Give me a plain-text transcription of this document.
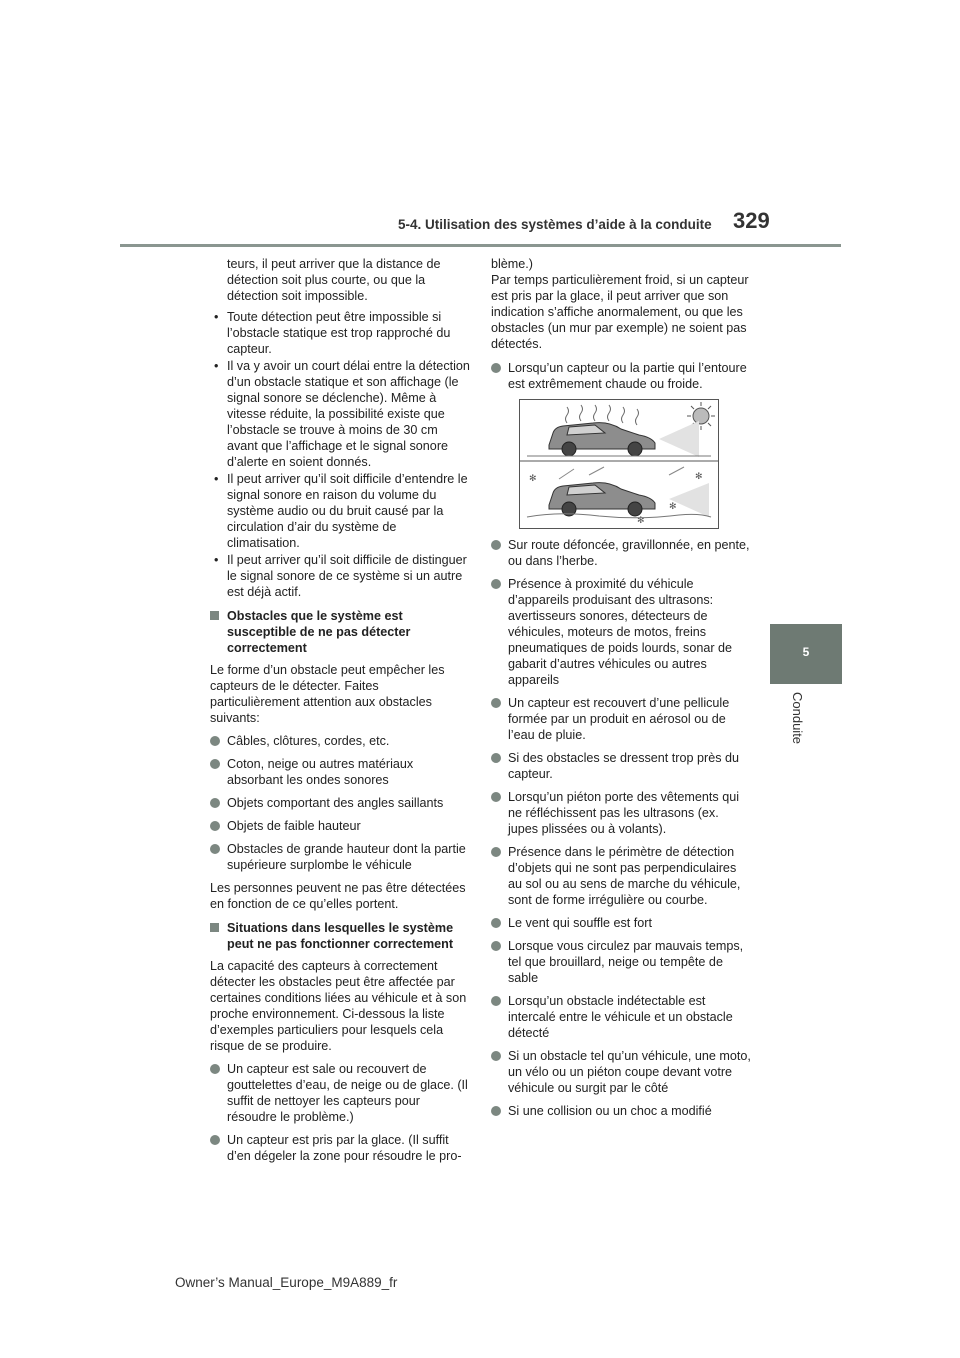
5-4. Utilisation des systèmes d’aide à la conduite 329
5
Conduite

teurs, il peut arriver que la distance de détection soit plus courte, ou que la détection soit impossible.

• Toute détection peut être impossible si l’obstacle statique est trop rapproché du capteur.

• Il va y avoir un court délai entre la détection d’un obstacle statique et son affichage (le signal sonore se déclenche). Même à vitesse réduite, la possibilité existe que l’obstacle se trouve à moins de 30 cm avant que l’affichage et le signal sonore d’alerte en soient donnés.

• Il peut arriver qu’il soit difficile d’entendre le signal sonore en raison du volume du système audio ou du bruit causé par la circulation d’air du système de climatisation.

• Il peut arriver qu’il soit difficile de distinguer le signal sonore de ce système si un autre est déjà actif.

Obstacles que le système est susceptible de ne pas détecter correctement

Le forme d’un obstacle peut empêcher les capteurs de le détecter. Faites particulièrement attention aux obstacles suivants:

Câbles, clôtures, cordes, etc.

Coton, neige ou autres matériaux absorbant les ondes sonores

Objets comportant des angles saillants

Objets de faible hauteur

Obstacles de grande hauteur dont la partie supérieure surplombe le véhicule

Les personnes peuvent ne pas être détectées en fonction de ce qu’elles portent.

Situations dans lesquelles le système peut ne pas fonctionner correctement

La capacité des capteurs à correctement détecter les obstacles peut être affectée par certaines conditions liées au véhicule et à son proche environnement. Ci-dessous la liste d’exemples particuliers pour lesquels cela risque de se produire.

Un capteur est sale ou recouvert de gouttelettes d’eau, de neige ou de glace. (Il suffit de nettoyer les capteurs pour résoudre le problème.)

Un capteur est pris par la glace. (Il suffit d’en dégeler la zone pour résoudre le pro-

blème.)
Par temps particulièrement froid, si un capteur est pris par la glace, il peut arriver que son indication s’affiche anormalement, ou que les obstacles (un mur par exemple) ne soient pas détectés.

Lorsqu’un capteur ou la partie qui l’entoure est extrêmement chaude ou froide.

✻	✻
✻
✻

Sur route défoncée, gravillonnée, en pente, ou dans l’herbe.

Présence à proximité du véhicule d’appareils produisant des ultrasons: avertisseurs sonores, détecteurs de véhicules, moteurs de motos, freins pneumatiques de poids lourds, sonar de gabarit d’autres véhicules ou autres appareils

Un capteur est recouvert d’une pellicule formée par un produit en aérosol ou de l’eau de pluie.

Si des obstacles se dressent trop près du capteur.

Lorsqu’un piéton porte des vêtements qui ne réfléchissent pas les ultrasons (ex. jupes plissées ou à volants).

Présence dans le périmètre de détection d’objets qui ne sont pas perpendiculaires au sol ou au sens de marche du véhicule, sont de forme irrégulière ou courbe.

Le vent qui souffle est fort

Lorsque vous circulez par mauvais temps, tel que brouillard, neige ou tempête de sable

Lorsqu’un obstacle indétectable est intercalé entre le véhicule et un obstacle détecté

Si un obstacle tel qu’un véhicule, une moto, un vélo ou un piéton coupe devant votre véhicule ou surgit par le côté

Si une collision ou un choc a modifié

Owner’s Manual_Europe_M9A889_fr
